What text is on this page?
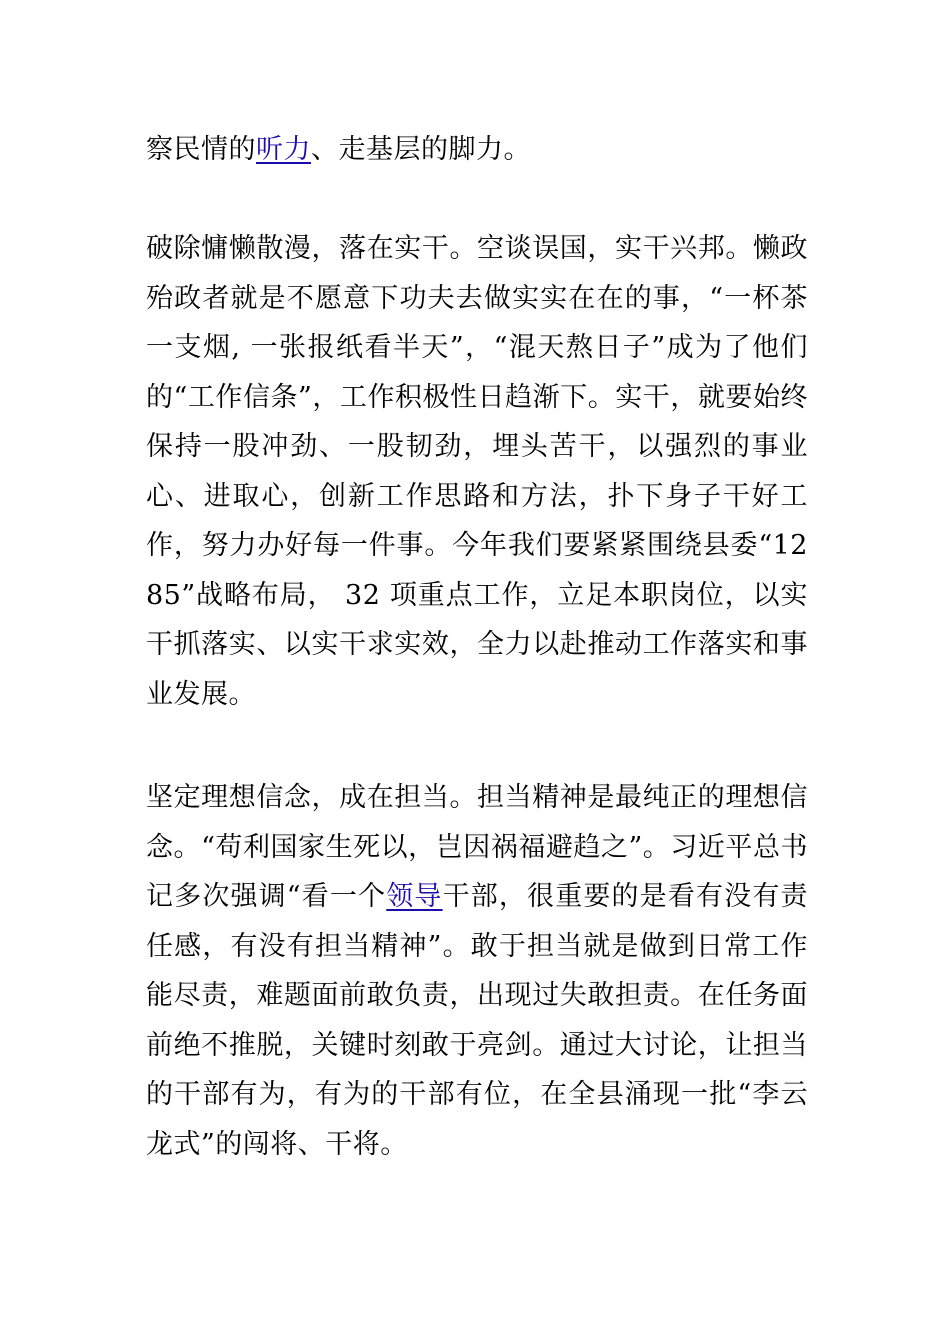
察民情的听力、走基层的脚力。

破除慵懒散漫，落在实干。空谈误国，实干兴邦。懒政殆政者就是不愿意下功夫去做实实在在的事，“一杯茶一支烟, 一张报纸看半天”，“混天熬日子”成为了他们的“工作信条”，工作积极性日趋渐下。实干，就要始终保持一股冲劲、一股韧劲，埋头苦干，以强烈的事业心、进取心，创新工作思路和方法，扑下身子干好工作，努力办好每一件事。今年我们要紧紧围绕县委“1285”战略布局， 32 项重点工作，立足本职岗位，以实干抓落实、以实干求实效，全力以赴推动工作落实和事业发展。

坚定理想信念，成在担当。担当精神是最纯正的理想信念。“苟利国家生死以，岂因祸福避趋之”。习近平总书记多次强调“看一个领导干部，很重要的是看有没有责任感，有没有担当精神”。敢于担当就是做到日常工作能尽责，难题面前敢负责，出现过失敢担责。在任务面前绝不推脱，关键时刻敢于亮剑。通过大讨论，让担当的干部有为，有为的干部有位，在全县涌现一批“李云龙式”的闯将、干将。
